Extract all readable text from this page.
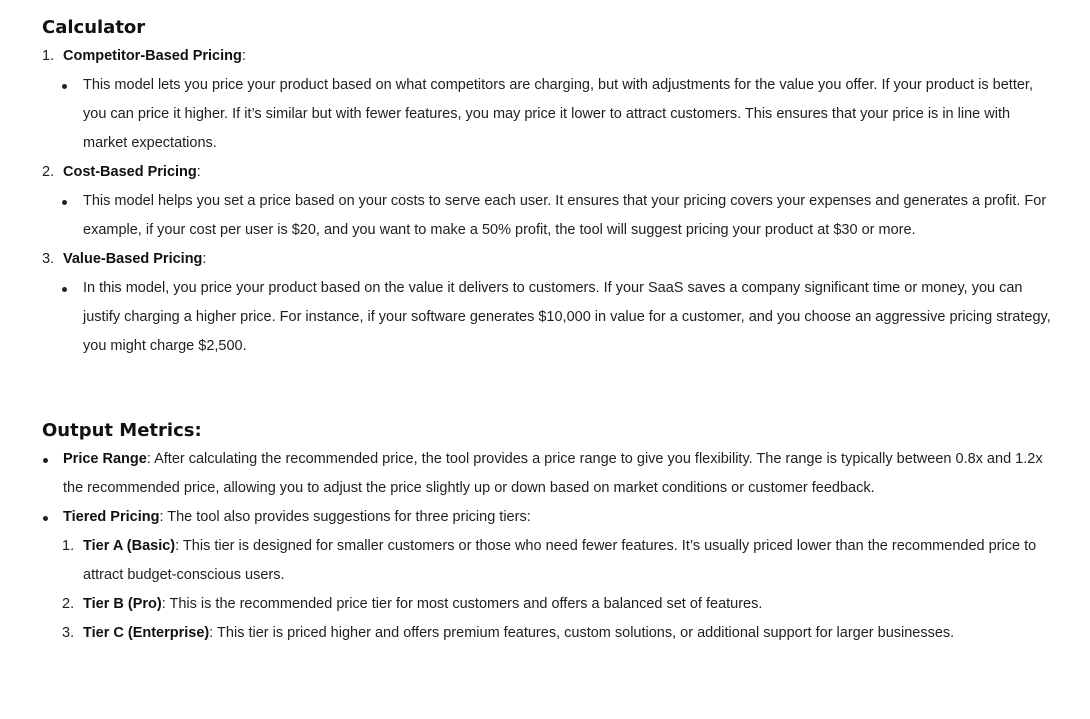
Calculator
1. Competitor-Based Pricing:
This model lets you price your product based on what competitors are charging, but with adjustments for the value you offer. If your product is better, you can price it higher. If it’s similar but with fewer features, you may price it lower to attract customers. This ensures that your price is in line with market expectations.
2. Cost-Based Pricing:
This model helps you set a price based on your costs to serve each user. It ensures that your pricing covers your expenses and generates a profit. For example, if your cost per user is $20, and you want to make a 50% profit, the tool will suggest pricing your product at $30 or more.
3. Value-Based Pricing:
In this model, you price your product based on the value it delivers to customers. If your SaaS saves a company significant time or money, you can justify charging a higher price. For instance, if your software generates $10,000 in value for a customer, and you choose an aggressive pricing strategy, you might charge $2,500.
Output Metrics:
Price Range: After calculating the recommended price, the tool provides a price range to give you flexibility. The range is typically between 0.8x and 1.2x the recommended price, allowing you to adjust the price slightly up or down based on market conditions or customer feedback.
Tiered Pricing: The tool also provides suggestions for three pricing tiers:
1. Tier A (Basic): This tier is designed for smaller customers or those who need fewer features. It’s usually priced lower than the recommended price to attract budget-conscious users.
2. Tier B (Pro): This is the recommended price tier for most customers and offers a balanced set of features.
3. Tier C (Enterprise): This tier is priced higher and offers premium features, custom solutions, or additional support for larger businesses.
